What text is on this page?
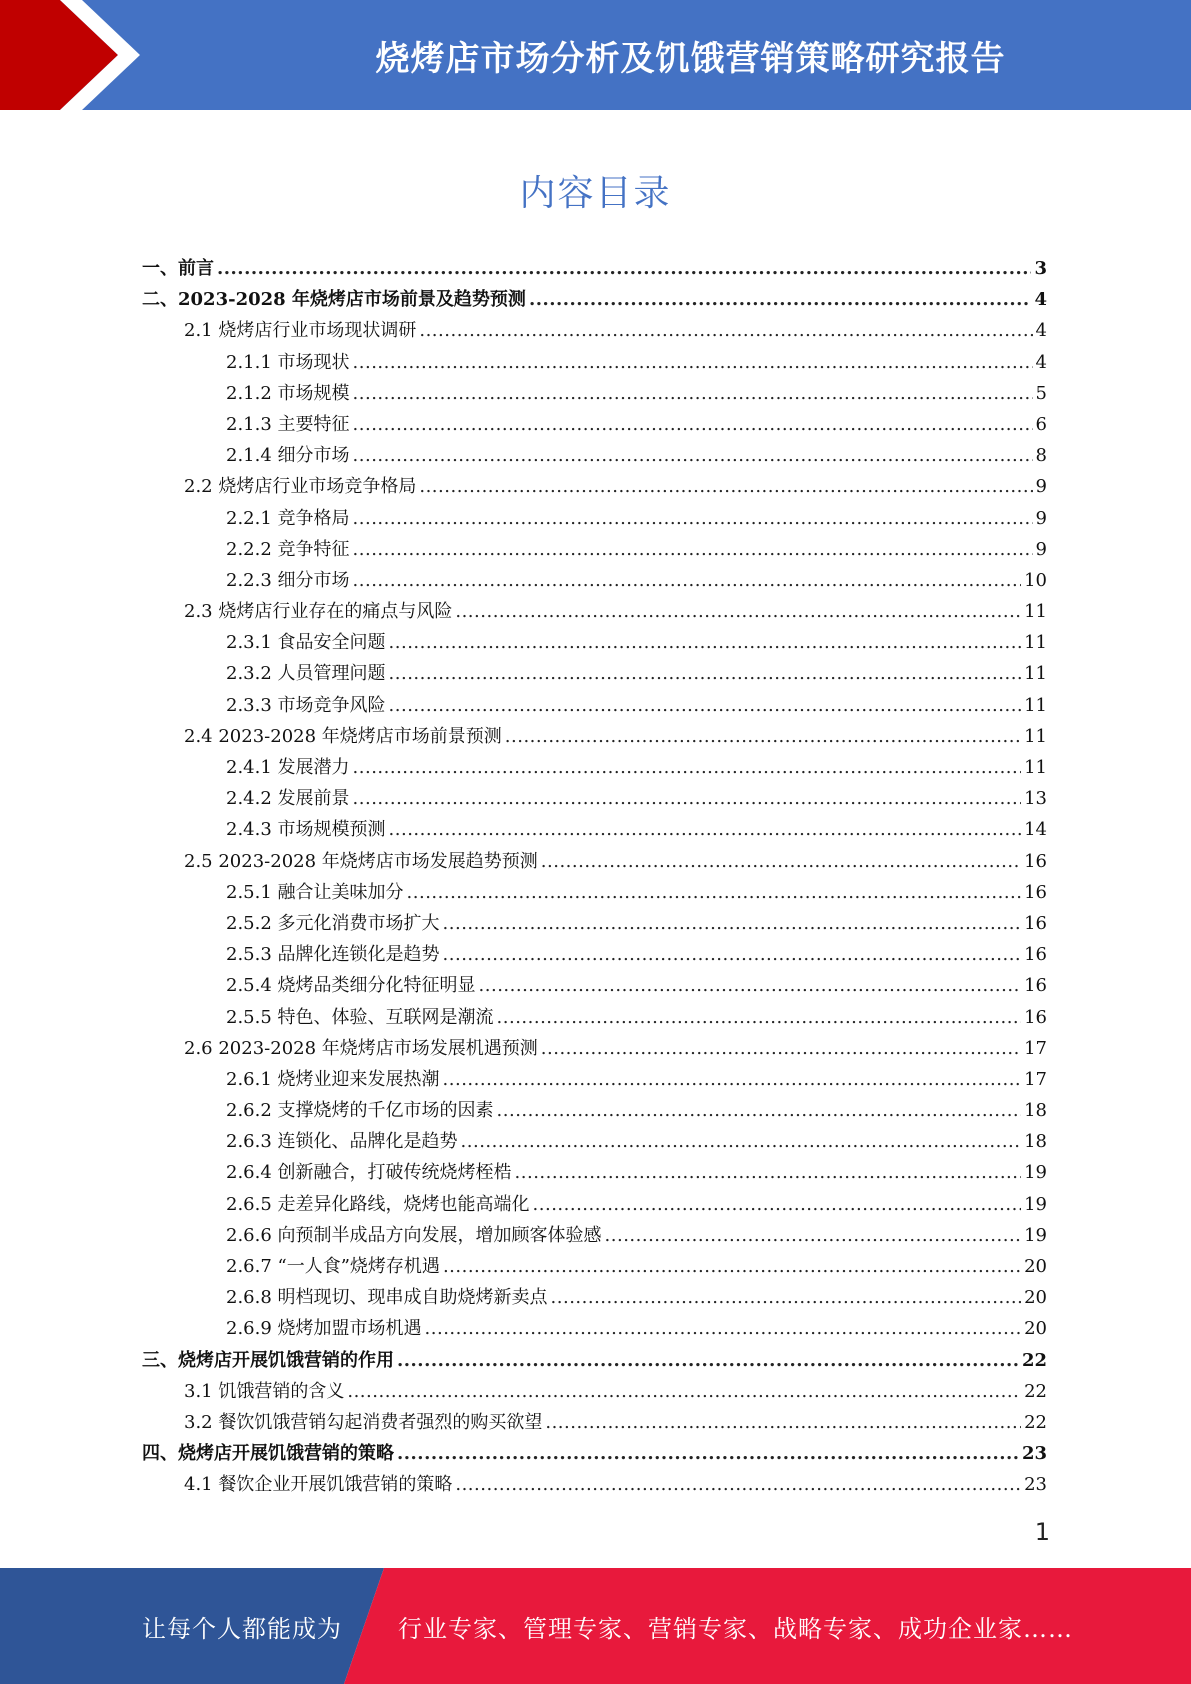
烧烤店市场分析及饥饿营销策略研究报告
内容目录
一、前言 .....	3
二、2023-2028 年烧烤店市场前景及趋势预测 .....	4
2.1 烧烤店行业市场现状调研 .....	4
2.1.1 市场现状 .....	4
2.1.2 市场规模 .....	5
2.1.3 主要特征 .....	6
2.1.4 细分市场 .....	8
2.2 烧烤店行业市场竞争格局 .....	9
2.2.1 竞争格局 .....	9
2.2.2 竞争特征 .....	9
2.2.3 细分市场 .....	10
2.3 烧烤店行业存在的痛点与风险 .....	11
2.3.1 食品安全问题 .....	11
2.3.2 人员管理问题 .....	11
2.3.3 市场竞争风险 .....	11
2.4 2023-2028 年烧烤店市场前景预测 .....	11
2.4.1 发展潜力 .....	11
2.4.2 发展前景 .....	13
2.4.3 市场规模预测 .....	14
2.5 2023-2028 年烧烤店市场发展趋势预测 .....	16
2.5.1 融合让美味加分 .....	16
2.5.2 多元化消费市场扩大 .....	16
2.5.3 品牌化连锁化是趋势 .....	16
2.5.4 烧烤品类细分化特征明显 .....	16
2.5.5 特色、体验、互联网是潮流 .....	16
2.6 2023-2028 年烧烤店市场发展机遇预测 .....	17
2.6.1 烧烤业迎来发展热潮 .....	17
2.6.2 支撑烧烤的千亿市场的因素 .....	18
2.6.3 连锁化、品牌化是趋势 .....	18
2.6.4 创新融合，打破传统烧烤桎梏 .....	19
2.6.5 走差异化路线，烧烤也能高端化 .....	19
2.6.6 向预制半成品方向发展，增加顾客体验感 .....	19
2.6.7 “一人食”烧烤存机遇 .....	20
2.6.8 明档现切、现串成自助烧烤新卖点 .....	20
2.6.9 烧烤加盟市场机遇 .....	20
三、烧烤店开展饥饿营销的作用 .....	22
3.1 饥饿营销的含义 .....	22
3.2 餐饮饥饿营销勾起消费者强烈的购买欲望 .....	22
四、烧烤店开展饥饿营销的策略 .....	23
4.1 餐饮企业开展饥饿营销的策略 .....	23
1
让每个人都能成为 行业专家、管理专家、营销专家、战略专家、成功企业家……
